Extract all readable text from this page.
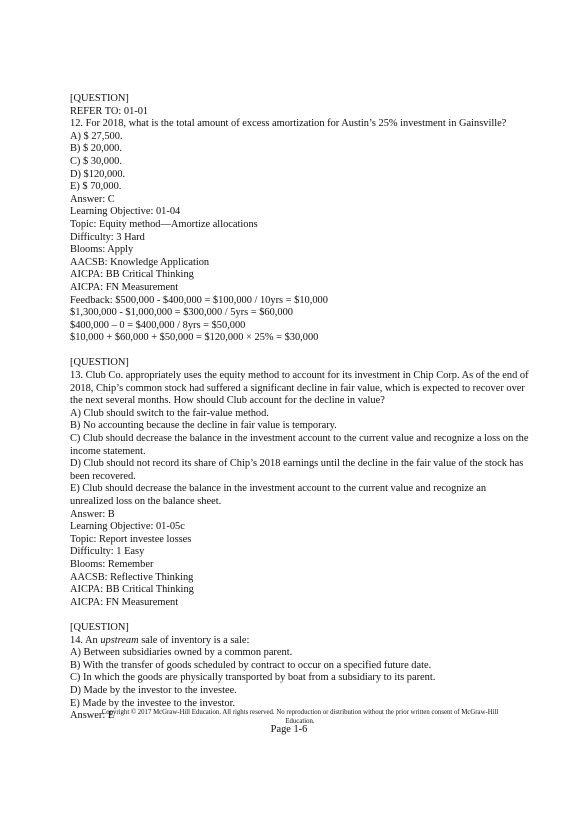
[QUESTION]
REFER TO: 01-01
12. For 2018, what is the total amount of excess amortization for Austin’s 25% investment in Gainsville?
A) $ 27,500.
B) $ 20,000.
C) $ 30,000.
D) $120,000.
E) $ 70,000.
Answer: C
Learning Objective: 01-04
Topic: Equity method—Amortize allocations
Difficulty: 3 Hard
Blooms: Apply
AACSB: Knowledge Application
AICPA: BB Critical Thinking
AICPA: FN Measurement
Feedback: $500,000 - $400,000 = $100,000 / 10yrs = $10,000
$1,300,000 - $1,000,000 = $300,000 / 5yrs = $60,000
$400,000 – 0 = $400,000 / 8yrs = $50,000
$10,000 + $60,000 + $50,000 = $120,000 × 25% = $30,000
[QUESTION]
13. Club Co. appropriately uses the equity method to account for its investment in Chip Corp. As of the end of 2018, Chip’s common stock had suffered a significant decline in fair value, which is expected to recover over the next several months. How should Club account for the decline in value?
A) Club should switch to the fair-value method.
B) No accounting because the decline in fair value is temporary.
C) Club should decrease the balance in the investment account to the current value and recognize a loss on the income statement.
D) Club should not record its share of Chip’s 2018 earnings until the decline in the fair value of the stock has been recovered.
E) Club should decrease the balance in the investment account to the current value and recognize an unrealized loss on the balance sheet.
Answer: B
Learning Objective: 01-05c
Topic: Report investee losses
Difficulty: 1 Easy
Blooms: Remember
AACSB: Reflective Thinking
AICPA: BB Critical Thinking
AICPA: FN Measurement
[QUESTION]
14. An upstream sale of inventory is a sale:
A) Between subsidiaries owned by a common parent.
B) With the transfer of goods scheduled by contract to occur on a specified future date.
C) In which the goods are physically transported by boat from a subsidiary to its parent.
D) Made by the investor to the investee.
E) Made by the investee to the investor.
Answer: E
Copyright © 2017 McGraw-Hill Education. All rights reserved. No reproduction or distribution without the prior written consent of McGraw-Hill
Education.
Page 1-6
